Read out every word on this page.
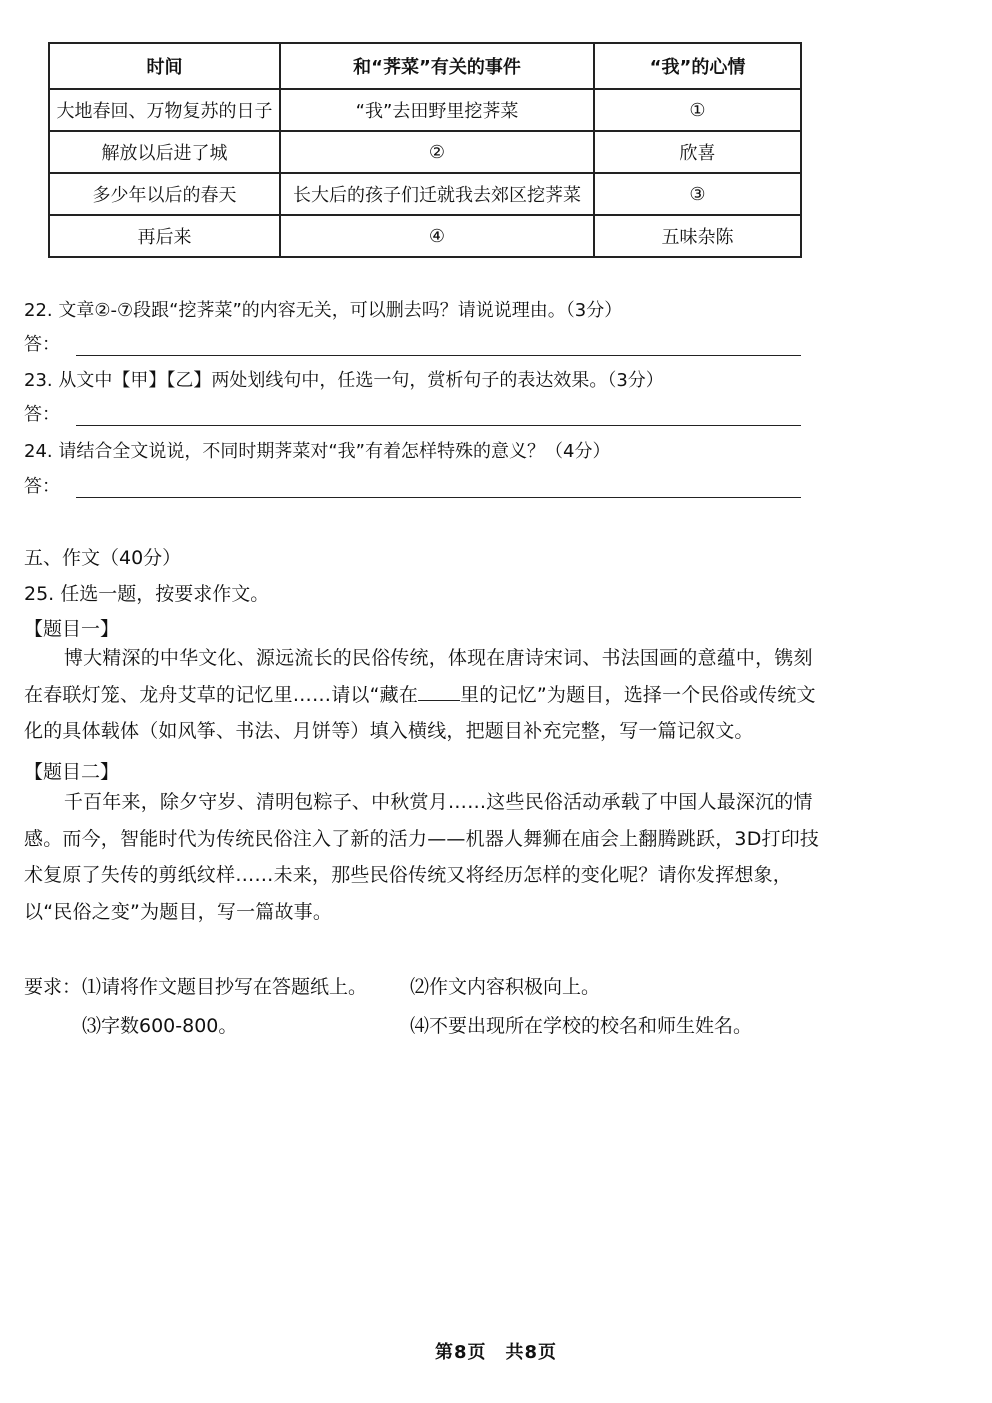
时间	和“荠菜”有关的事件	“我”的心情
大地春回、万物复苏的日子	“我”去田野里挖荠菜	①
解放以后进了城	②	欣喜
多少年以后的春天	长大后的孩子们迁就我去郊区挖荠菜	③
再后来	④	五味杂陈
22. 文章②-⑦段跟“挖荠菜”的内容无关，可以删去吗？请说说理由。（3分）
答：
23. 从文中【甲】【乙】两处划线句中，任选一句，赏析句子的表达效果。（3分）
答：
24. 请结合全文说说，不同时期荠菜对“我”有着怎样特殊的意义？（4分）
答：
五、作文（40分）
25. 任选一题，按要求作文。
【题目一】
博大精深的中华文化、源远流长的民俗传统，体现在唐诗宋词、书法国画的意蕴中，镌刻在春联灯笼、龙舟艾草的记忆里……请以“藏在 里的记忆”为题目，选择一个民俗或传统文化的具体载体（如风筝、书法、月饼等）填入横线，把题目补充完整，写一篇记叙文。
【题目二】
千百年来，除夕守岁、清明包粽子、中秋赏月……这些民俗活动承载了中国人最深沉的情感。而今，智能时代为传统民俗注入了新的活力——机器人舞狮在庙会上翻腾跳跃，3D打印技术复原了失传的剪纸纹样……未来，那些民俗传统又将经历怎样的变化呢？请你发挥想象，以“民俗之变”为题目，写一篇故事。
要求： ⑴请将作文题目抄写在答题纸上。 ⑵作文内容积极向上。
⑶字数600-800。	⑷不要出现所在学校的校名和师生姓名。
第8页　共8页
